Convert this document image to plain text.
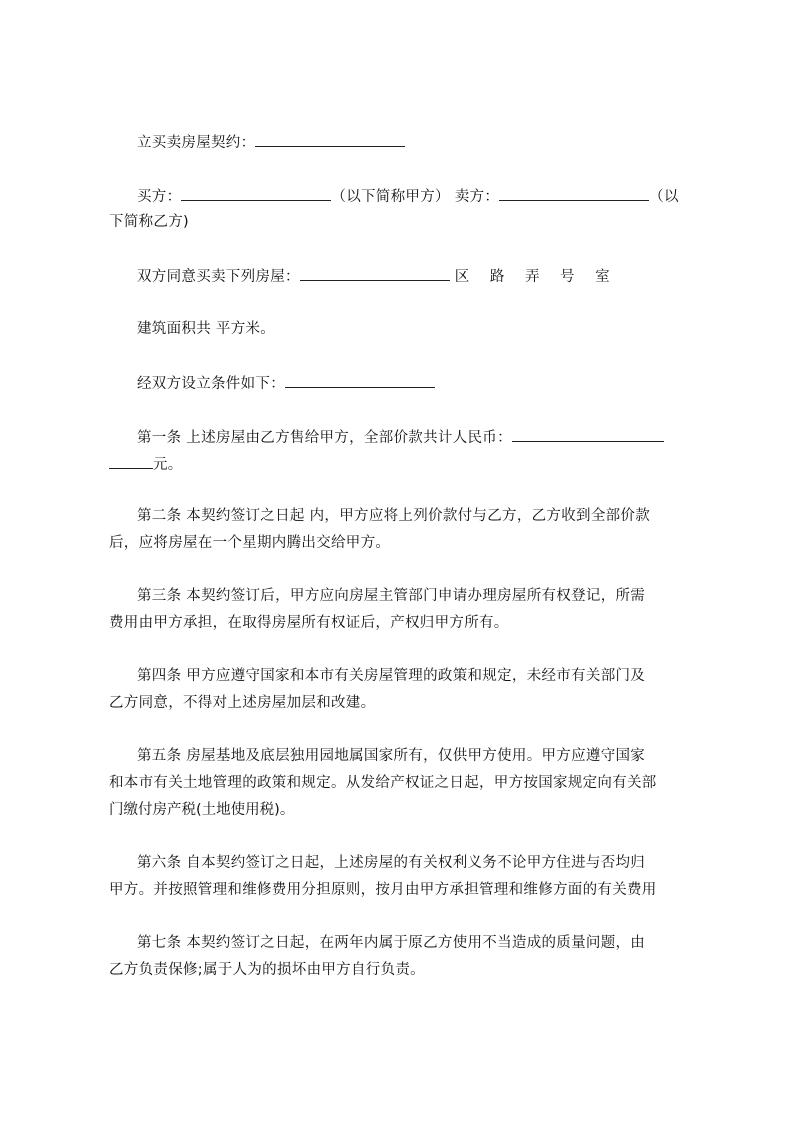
立买卖房屋契约：

买方：	（以下简称甲方） 卖方：	（以

下简称乙方)

双方同意买卖下列房屋：	区 路 弄 号 室

建筑面积共 平方米。

经双方设立条件如下：

第一条 上述房屋由乙方售给甲方，全部价款共计人民币：

元。

第二条 本契约签订之日起 内，甲方应将上列价款付与乙方，乙方收到全部价款

后，应将房屋在一个星期内腾出交给甲方。

第三条 本契约签订后，甲方应向房屋主管部门申请办理房屋所有权登记，所需

费用由甲方承担，在取得房屋所有权证后，产权归甲方所有。

第四条 甲方应遵守国家和本市有关房屋管理的政策和规定，未经市有关部门及

乙方同意，不得对上述房屋加层和改建。

第五条 房屋基地及底层独用园地属国家所有，仅供甲方使用。甲方应遵守国家

和本市有关土地管理的政策和规定。从发给产权证之日起，甲方按国家规定向有关部

门缴付房产税(土地使用税)。

第六条 自本契约签订之日起，上述房屋的有关权利义务不论甲方住进与否均归

甲方。并按照管理和维修费用分担原则，按月由甲方承担管理和维修方面的有关费用

第七条 本契约签订之日起，在两年内属于原乙方使用不当造成的质量问题，由

乙方负责保修;属于人为的损坏由甲方自行负责。
